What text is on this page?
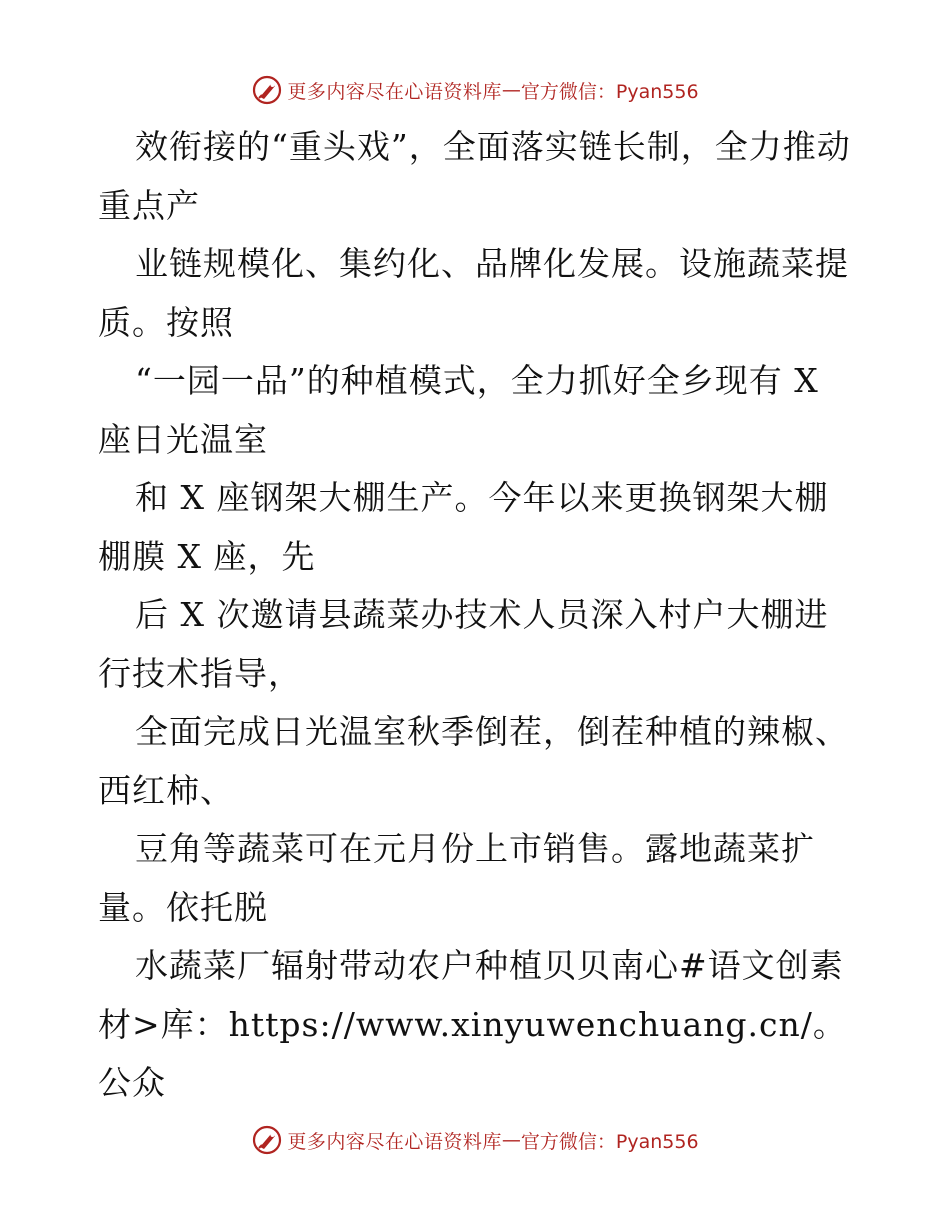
更多内容尽在心语资料库 — 官方微信：Pyan556

效衔接的“重头戏”，全面落实链长制，全力推动重点产

业链规模化、集约化、品牌化发展。设施蔬菜提质。按照

“一园一品”的种植模式，全力抓好全乡现有 X 座日光温室

和 X 座钢架大棚生产。今年以来更换钢架大棚棚膜 X 座，先

后 X 次邀请县蔬菜办技术人员深入村户大棚进行技术指导，

全面完成日光温室秋季倒茬，倒茬种植的辣椒、西红柿、

豆角等蔬菜可在元月份上市销售。露地蔬菜扩量。依托脱

水蔬菜厂辐射带动农户种植贝贝南心#语文创素材>库：https://www.xinyuwenchuang.cn/。公众

更多内容尽在心语资料库 — 官方微信：Pyan556
